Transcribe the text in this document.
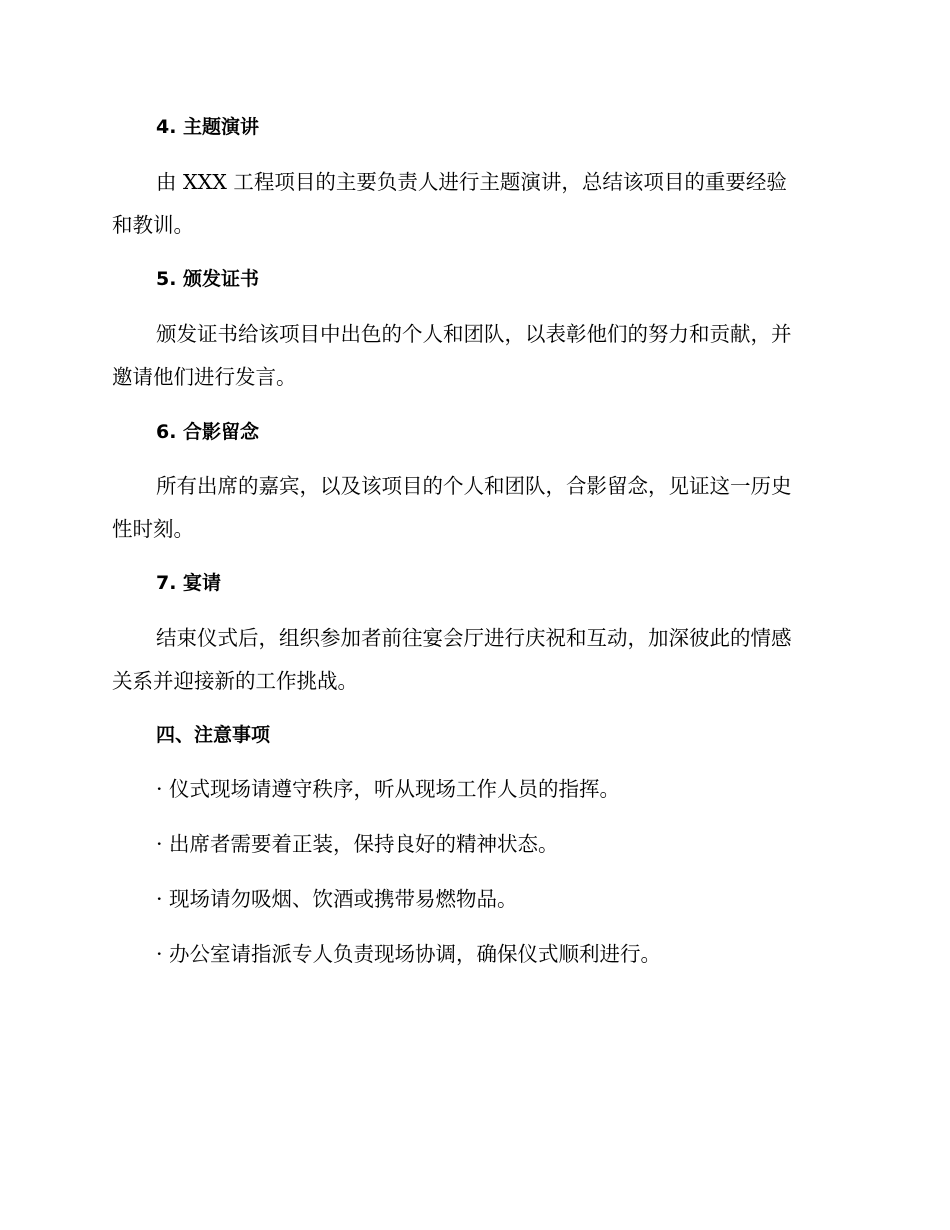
4. 主题演讲

由 XXX 工程项目的主要负责人进行主题演讲，总结该项目的重要经验
和教训。

5. 颁发证书

颁发证书给该项目中出色的个人和团队，以表彰他们的努力和贡献，并
邀请他们进行发言。

6. 合影留念

所有出席的嘉宾，以及该项目的个人和团队，合影留念，见证这一历史
性时刻。

7. 宴请

结束仪式后，组织参加者前往宴会厅进行庆祝和互动，加深彼此的情感
关系并迎接新的工作挑战。

四、注意事项

· 仪式现场请遵守秩序，听从现场工作人员的指挥。

· 出席者需要着正装，保持良好的精神状态。

· 现场请勿吸烟、饮酒或携带易燃物品。

· 办公室请指派专人负责现场协调，确保仪式顺利进行。
